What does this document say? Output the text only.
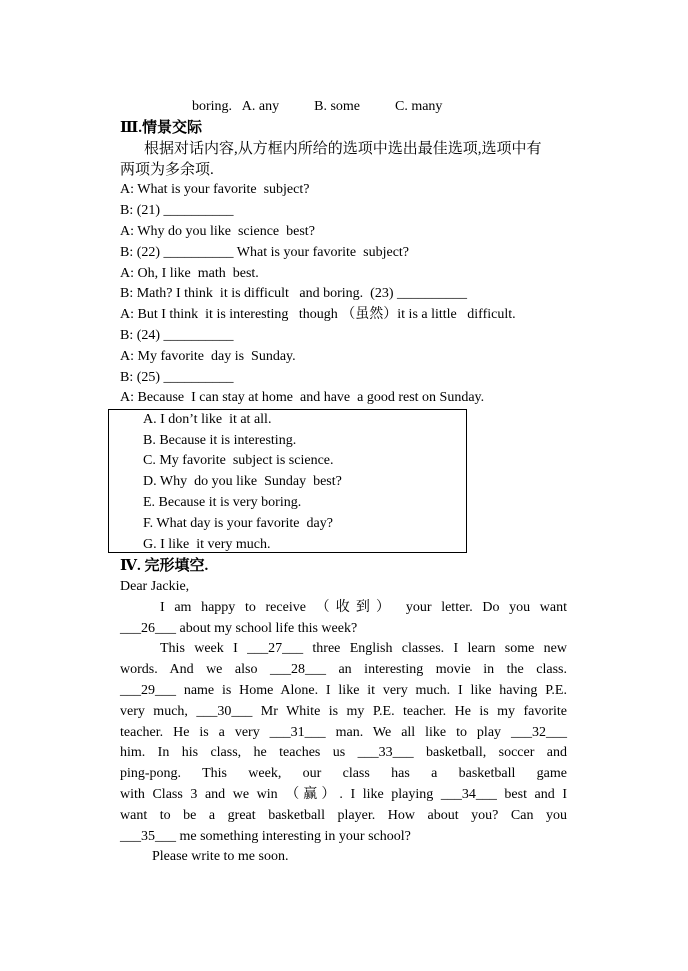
boring.   A. any          B. some          C. many
Ⅲ.情景交际
根据对话内容,从方框内所给的选项中选出最佳选项,选项中有
两项为多余项.
A: What is your favorite  subject?
B: (21) __________
A: Why do you like  science  best?
B: (22) __________ What is your favorite  subject?
A: Oh, I like  math  best.
B: Math? I think  it is difficult   and boring.  (23) __________
A: But I think  it is interesting   though （虽然）it is a little   difficult.
B: (24) __________
A: My favorite  day is  Sunday.
B: (25) __________
A: Because  I can stay at home  and have  a good rest on Sunday.
A. I don’t like  it at all.
B. Because it is interesting.
C. My favorite  subject is science.
D. Why  do you like  Sunday  best?
E. Because it is very boring.
F. What day is your favorite  day?
G. I like  it very much.
Ⅳ. 完形填空.
Dear Jackie,
I am happy to receive （收到） your letter. Do you want
___26___ about my school life this week?
This week I ___27___ three English classes. I learn some new
words. And we also ___28___ an interesting movie in the class.
___29___ name is Home Alone. I like it very much. I like having P.E.
very much, ___30___ Mr White is my P.E. teacher. He is my favorite
teacher. He is a very ___31___ man. We all like to play ___32___
him. In his class, he teaches us ___33___ basketball, soccer and
ping-pong. This week, our class has a basketball game
with Class 3 and we win （赢）. I like playing ___34___ best and I
want to be a great basketball player. How about you? Can you
___35___ me something interesting in your school?
Please write to me soon.
